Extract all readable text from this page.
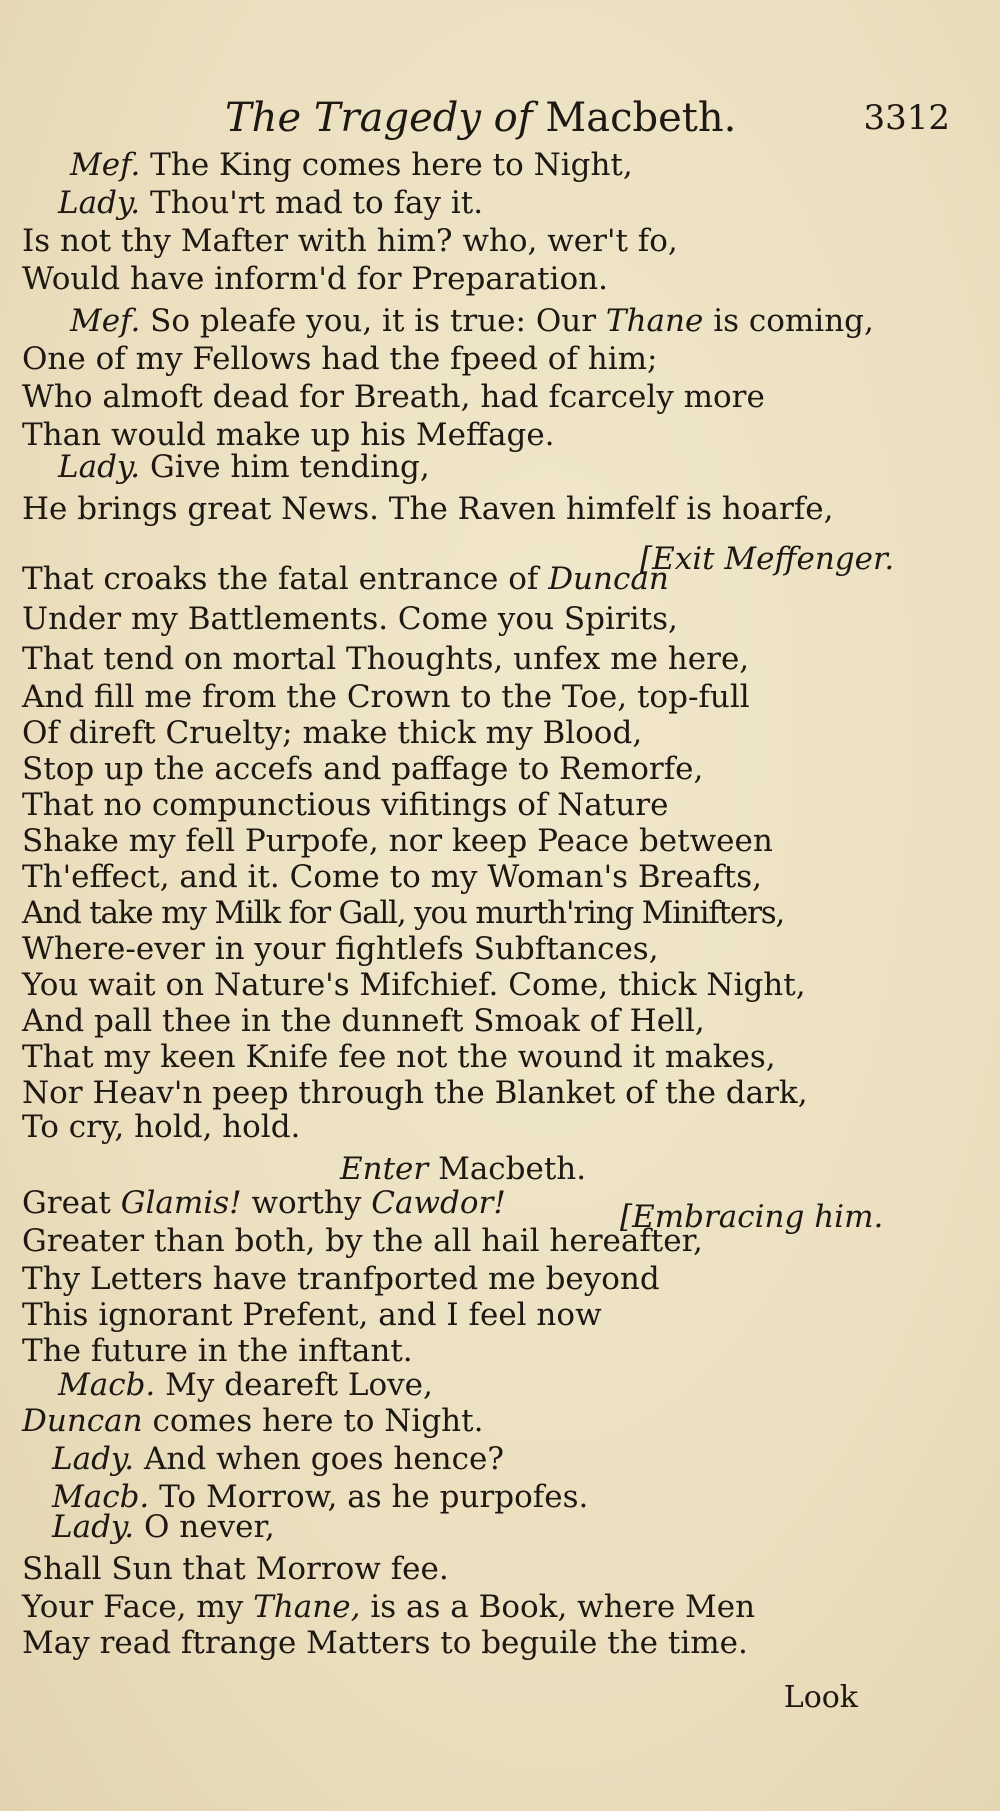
The Tragedy of Macbeth.	3312
Mef. The King comes here to Night,
Lady. Thou'rt mad to fay it.
Is not thy Mafter with him? who, wer't fo,
Would have inform'd for Preparation.
Mef. So pleafe you, it is true: Our Thane is coming,
One of my Fellows had the fpeed of him;
Who almoft dead for Breath, had fcarcely more
Than would make up his Meffage.
Lady. Give him tending,
He brings great News. The Raven himfelf is hoarfe,
[Exit Meffenger.
That croaks the fatal entrance of Duncan
Under my Battlements. Come you Spirits,
That tend on mortal Thoughts, unfex me here,
And fill me from the Crown to the Toe, top-full
Of direft Cruelty; make thick my Blood,
Stop up the accefs and paffage to Remorfe,
That no compunctious vifitings of Nature
Shake my fell Purpofe, nor keep Peace between
Th'effect, and it. Come to my Woman's Breafts,
And take my Milk for Gall, you murth'ring Minifters,
Where-ever in your fightlefs Subftances,
You wait on Nature's Mifchief. Come, thick Night,
And pall thee in the dunneft Smoak of Hell,
That my keen Knife fee not the wound it makes,
Nor Heav'n peep through the Blanket of the dark,
To cry, hold, hold.
Enter Macbeth.
Great Glamis! worthy Cawdor!	[Embracing him.
Greater than both, by the all hail hereafter,
Thy Letters have tranfported me beyond
This ignorant Prefent, and I feel now
The future in the inftant.
Macb. My deareft Love,
Duncan comes here to Night.
Lady. And when goes hence?
Macb. To Morrow, as he purpofes.
Lady. O never,
Shall Sun that Morrow fee.
Your Face, my Thane, is as a Book, where Men
May read ftrange Matters to beguile the time.
Look
